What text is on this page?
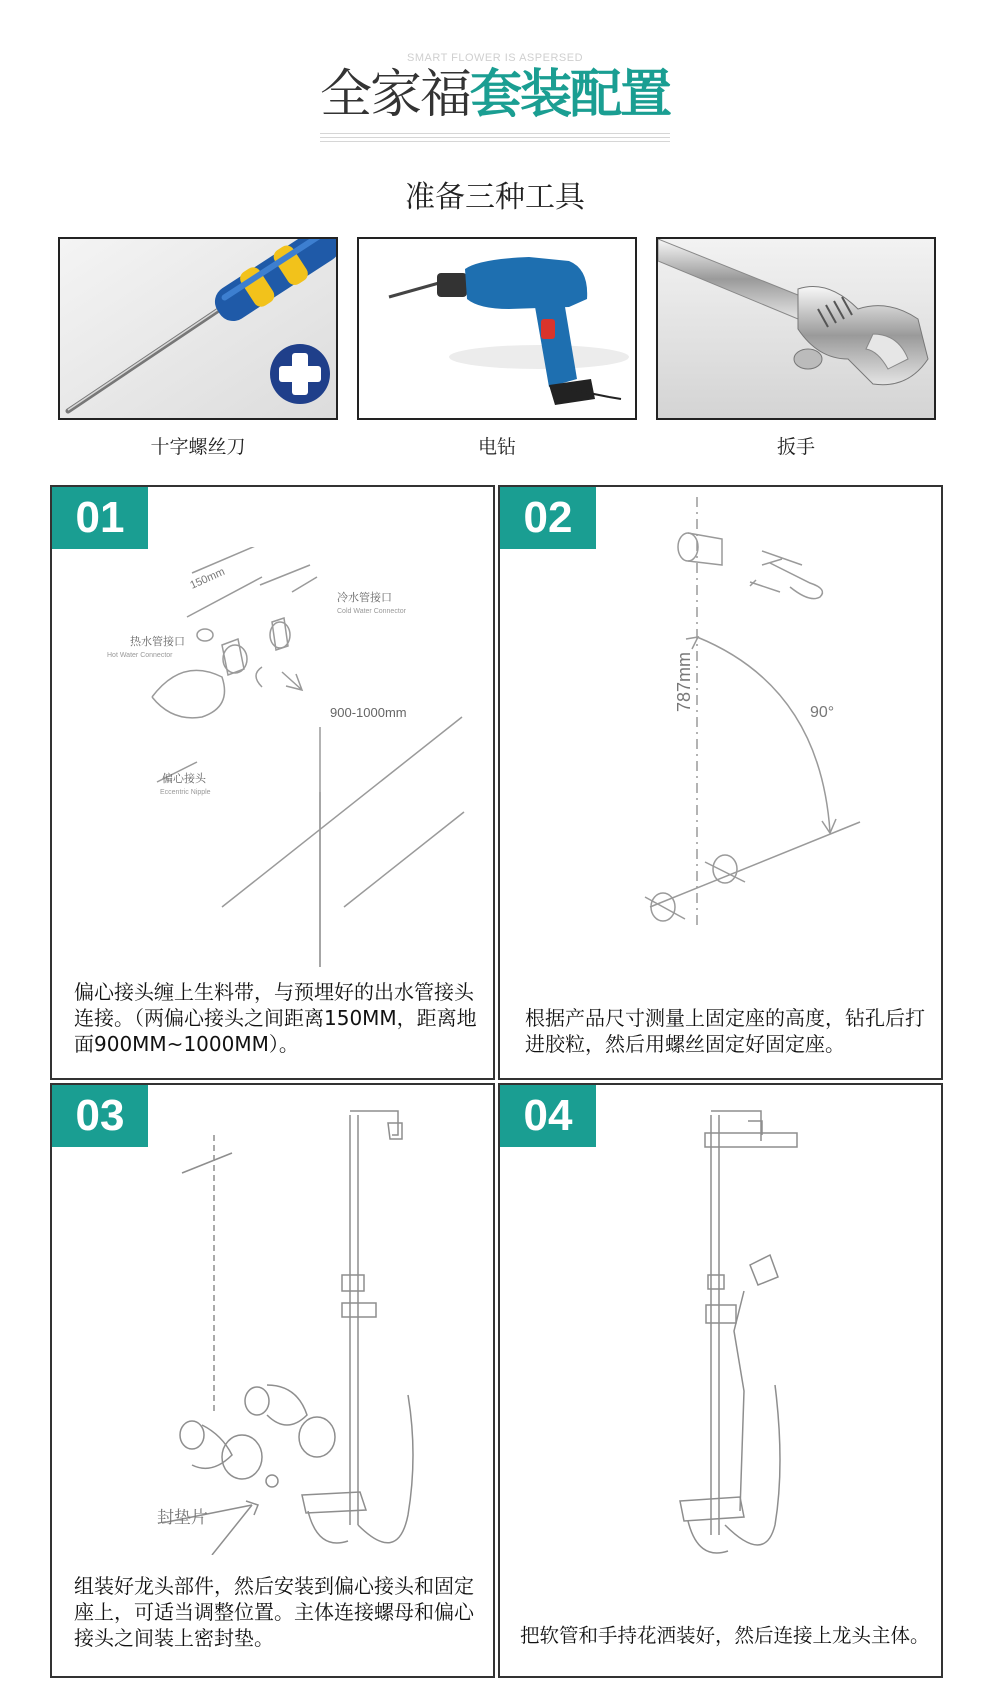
SMART FLOWER IS ASPERSED
全家福套装配置
准备三种工具
十字螺丝刀	电钻	扳手
01
150mm
900-1000mm
热水管接口
Hot Water Connector
冷水管接口
Cold Water Connector
偏心接头
Eccentric Nipple
偏心接头缠上生料带，与预埋好的出水管接头连接。（两偏心接头之间距离150MM，距离地面900MM~1000MM）。
02
787mm
90°
根据产品尺寸测量上固定座的高度，钻孔后打进胶粒，然后用螺丝固定好固定座。
03
封垫片
组装好龙头部件，然后安装到偏心接头和固定座上，可适当调整位置。主体连接螺母和偏心接头之间装上密封垫。
04
把软管和手持花洒装好，然后连接上龙头主体。
